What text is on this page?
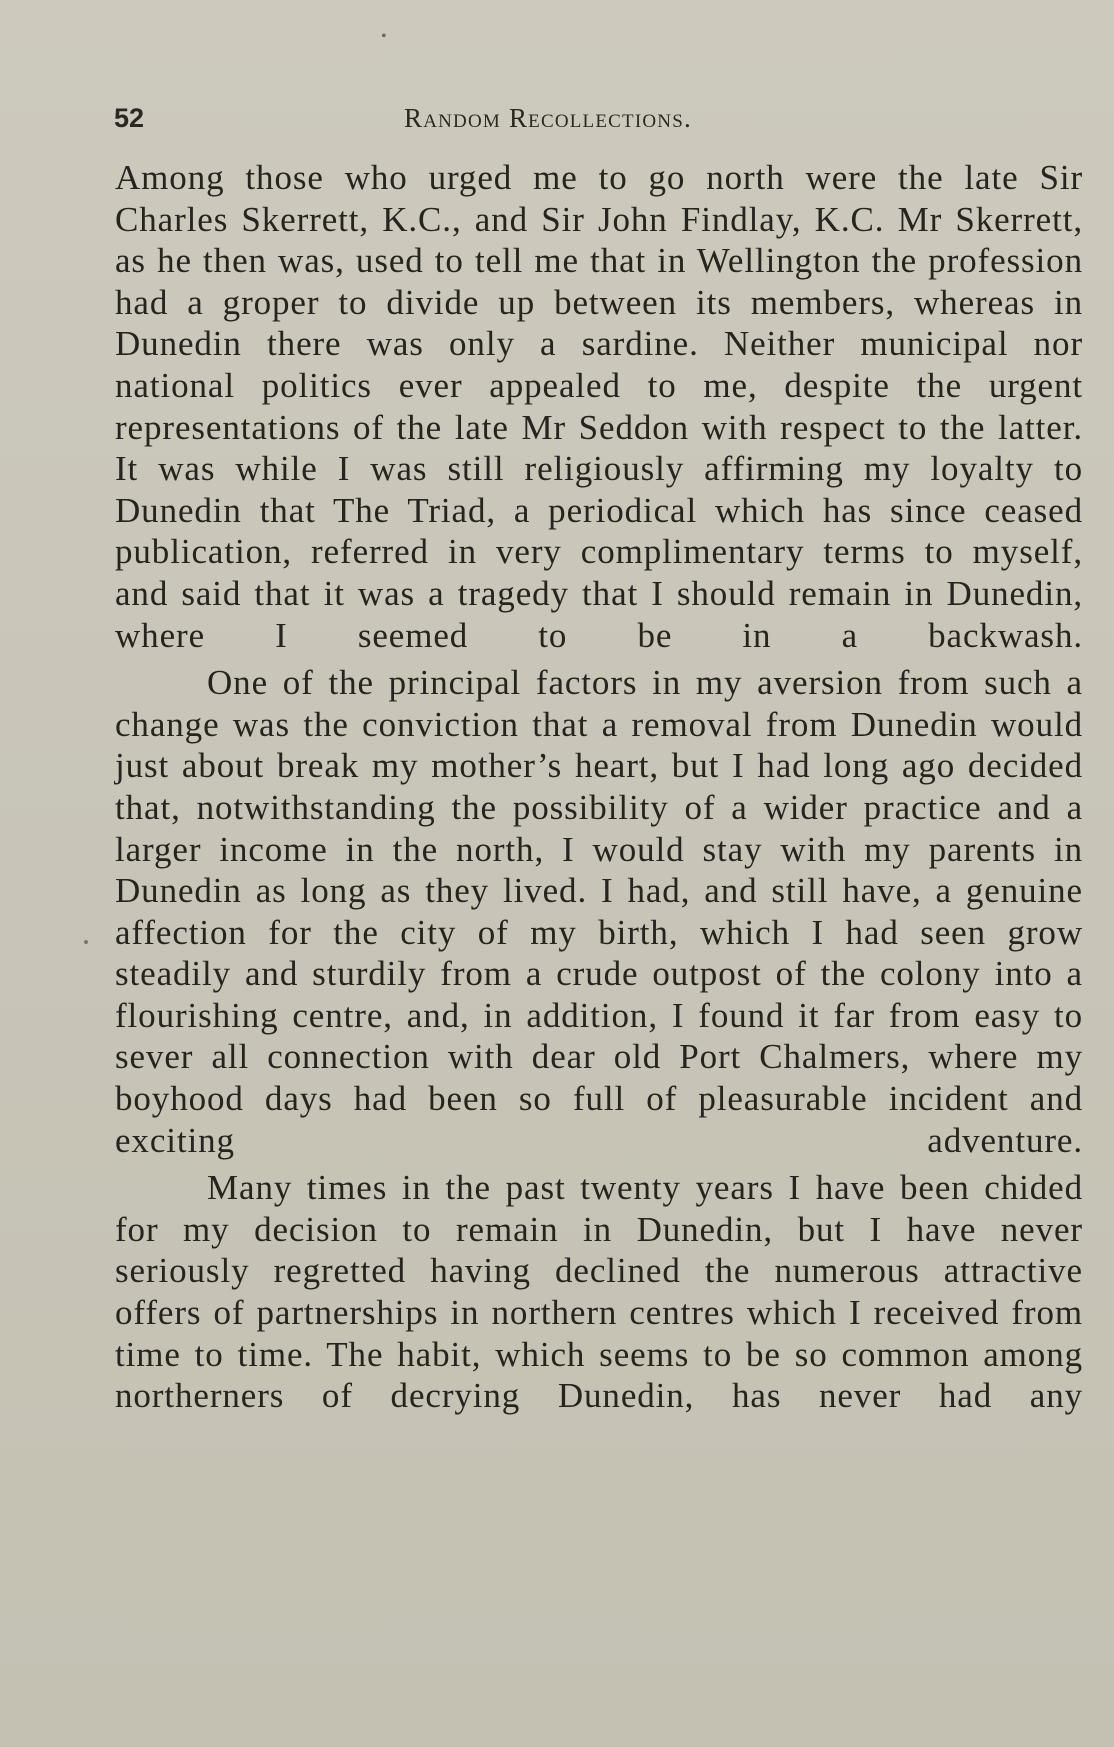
•
52	Random Recollections.

Among those who urged me to go north were the late Sir Charles Skerrett, K.C., and Sir John Findlay, K.C. Mr Skerrett, as he then was, used to tell me that in Wellington the profession had a groper to divide up between its members, whereas in Dunedin there was only a sardine. Neither municipal nor national politics ever appealed to me, despite the urgent representations of the late Mr Seddon with respect to the latter. It was while I was still religiously affirming my loyalty to Dunedin that The Triad, a periodical which has since ceased publication, referred in very complimentary terms to myself, and said that it was a tragedy that I should remain in Dunedin, where I seemed to be in a backwash.

One of the principal factors in my aversion from such a change was the conviction that a removal from Dunedin would just about break my mother’s heart, but I had long ago decided that, notwithstanding the possibility of a wider practice and a larger income in the north, I would stay with my parents in Dunedin as long as they lived. I had, and still have, a genuine affection for the city of my birth, which I had seen grow steadily and sturdily from a crude outpost of the colony into a flourishing centre, and, in addition, I found it far from easy to sever all connection with dear old Port Chalmers, where my boyhood days had been so full of pleasurable incident and exciting adventure.

Many times in the past twenty years I have been chided for my decision to remain in Dunedin, but I have never seriously regretted having declined the numerous attractive offers of partnerships in northern centres which I received from time to time. The habit, which seems to be so common among northerners of decrying Dunedin, has never had any
